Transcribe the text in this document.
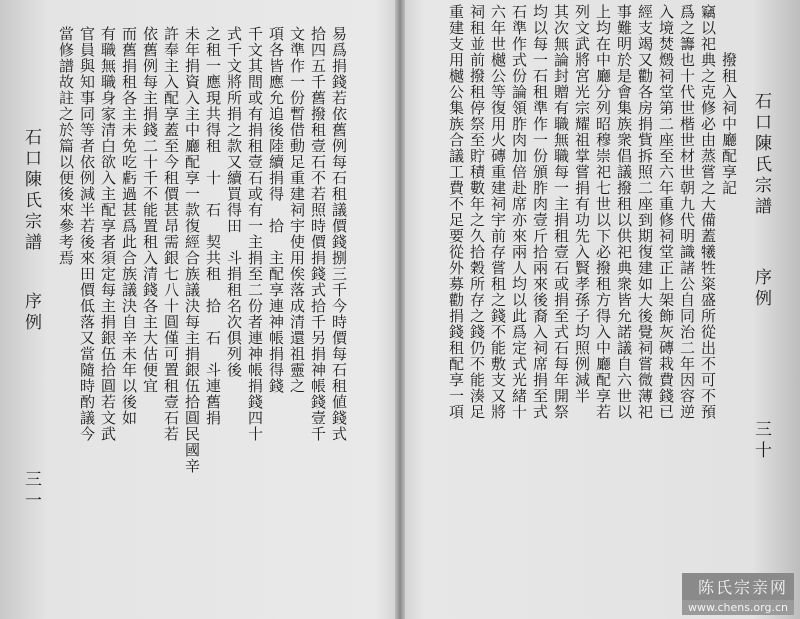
易爲捐錢若依舊例每石租議價錢捌三千今時價每石租値錢式
拾四五千舊撥租壹石不若照時價捐錢式拾千另捐神帳錢壹千
文準作一份暫借動足重建祠宇使用俟落成清還祖靈之
項各皆應允追後陸續捐得　拾　主配享連神帳捐得錢
千文其間或有捐租壹石或有一主捐至二份者連神帳捐錢四十
式千文將所捐之款又續買得田　斗捐租名次俱列後
之租一應現共得租　十　石　契共租　拾　石　斗連舊捐
未年捐資入主中廳配享一款復經合族議決每主捐銀伍拾圓民國辛
許奉主入配享蓋至今租價甚昂需銀七八十圓僅可置租壹石若
依舊例每主捐錢二十千不能置租入清錢各主大估便宜
而舊捐租各主未免吃虧過甚爲此合族議決自辛未年以後如
有職無職身家清白欲入主配享者須定每主捐銀伍拾圓若文武
官員與知事同等者依例減半若後來田價低落又當隨時酌議今
當修譜故註之於篇以便後來參考焉
石口陳氏宗譜
序例
三一
石口陳氏宗譜
序例
三十
撥租入祠中廳配享記
竊以祀典之克修必由蒸嘗之大備蓋犧牲粢盛所從出不可不預
爲之籌也十代世楷世材世朝九代明識諸公自同治二年因容逆
入境焚燬祠堂第二座至六年重修祠堂正上架飾灰磚栽費錢已
經支竭又勸各房捐貲拆照二座到期復建如大後覺祠嘗微薄祀
事難明於是會集族衆倡議撥租以供祀典衆皆允諾議自六世以
上均在中廳分列昭穆崇祀七世以下必撥租方得入中廳配享若
列文武將宮光宗耀祖掌嘗捐有功先入賢孝孫子均照例減半
其次無論封贈有職無職每一主捐租壹石或捐至式石每年開祭
均以每一石租準作一份頒胙肉壹斤拾兩來後裔入祠席捐至式
石準作式份論領胙肉加倍赴席亦來兩人均以此爲定式光緒十
六年世樾公等復用火磚重建祠宇前存嘗租之錢不能敷支又將
祠租並前撥租停祭至貯積數年之久拾穀所存之錢仍不能湊足
重建支用樾公集族合議工費不足要從外募勸捐錢租配享一項
陈氏宗亲网
www.chens.org.cn
